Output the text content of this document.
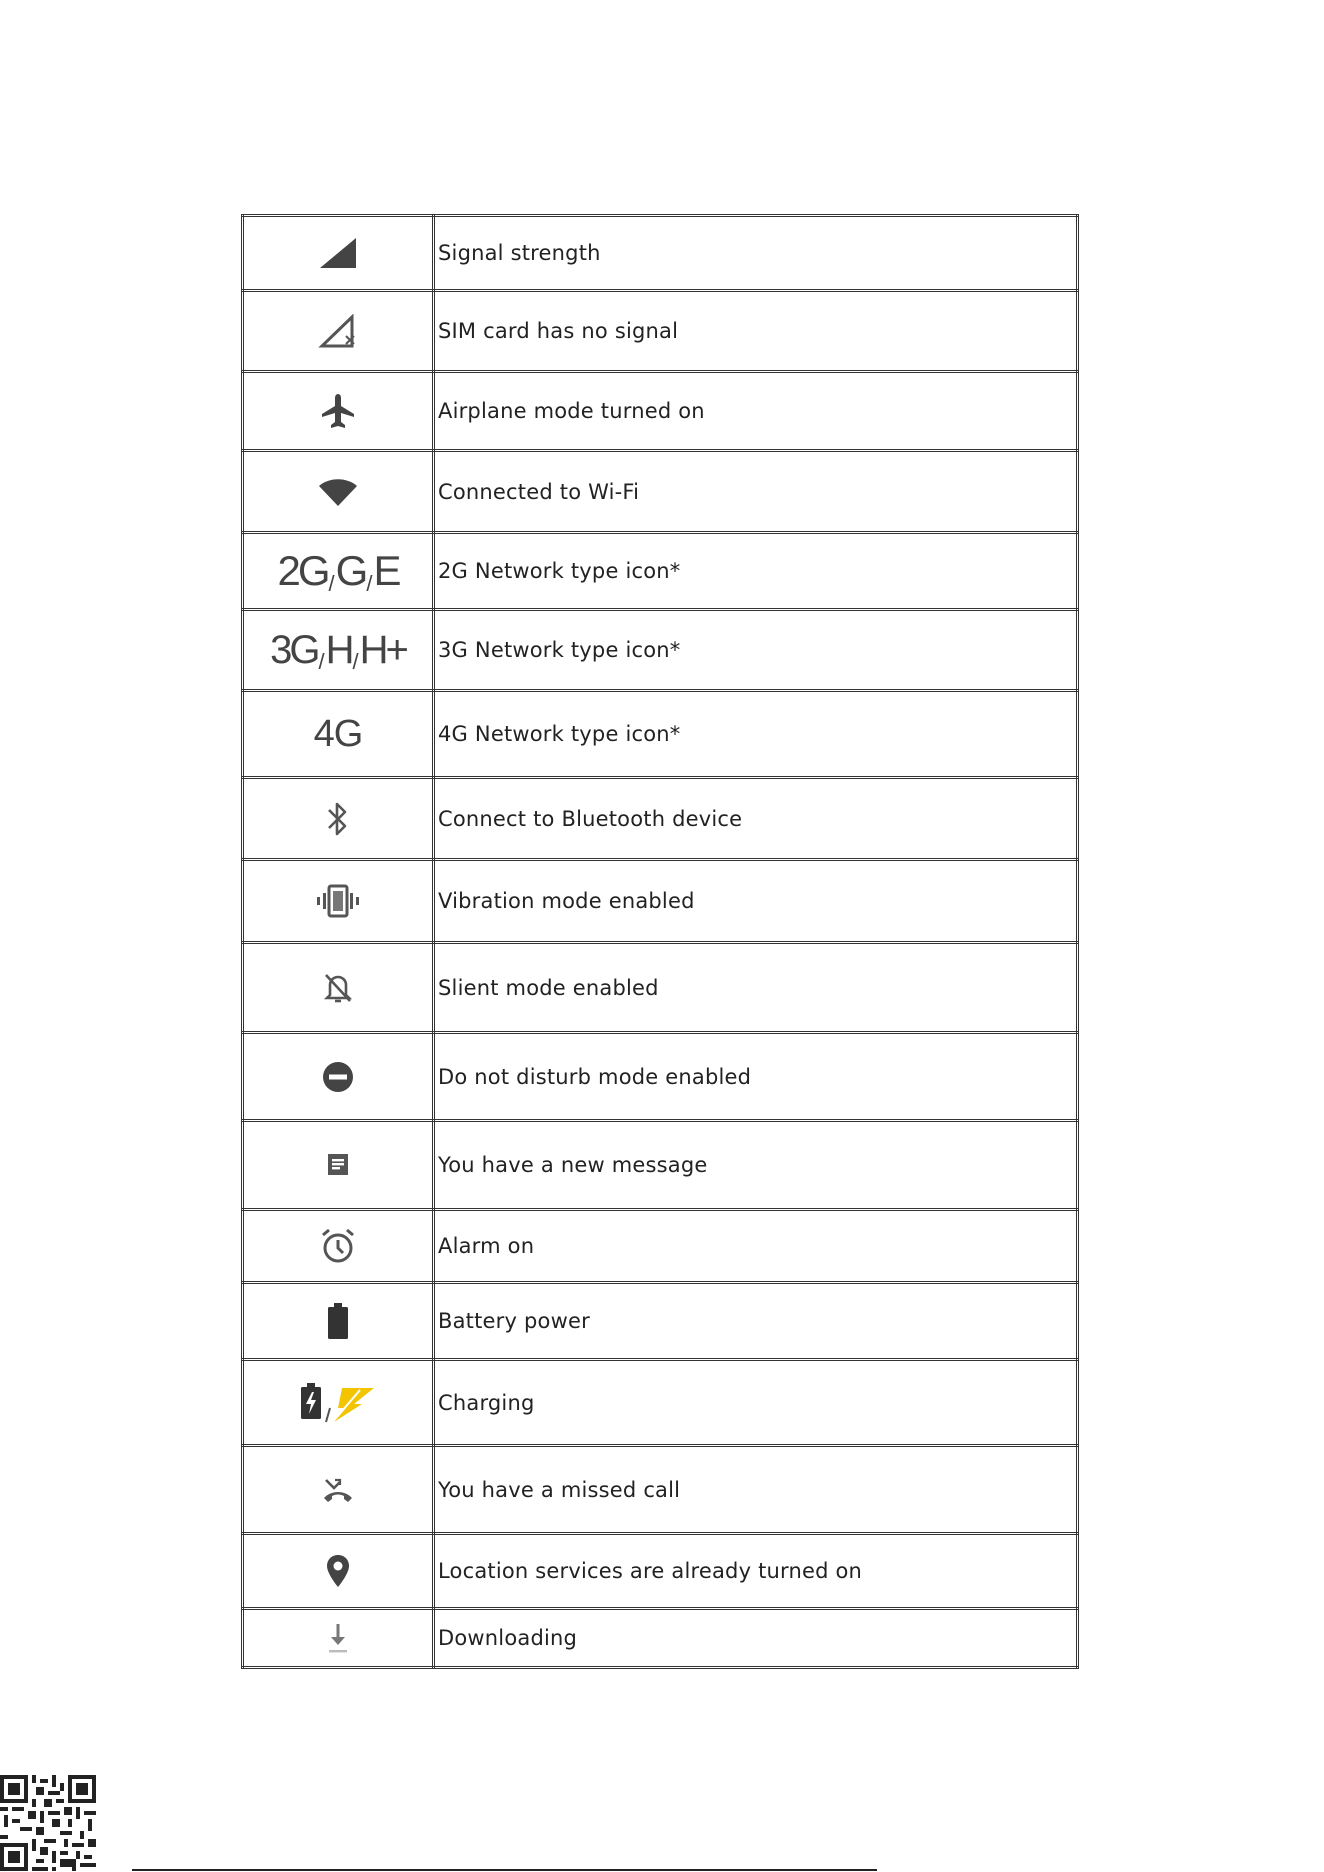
	Signal strength

	SIM card has no signal

	Airplane mode turned on

	Connected to Wi-Fi
2G/G/E	2G Network type icon*
3G/H/H+	3G Network type icon*
4G	4G Network type icon*

	Connect to Bluetooth device

	Vibration mode enabled

	Slient mode enabled

	Do not disturb mode enabled

	You have a new message

	Alarm on

	Battery power

	Charging

	You have a missed call

	Location services are already turned on

	Downloading
